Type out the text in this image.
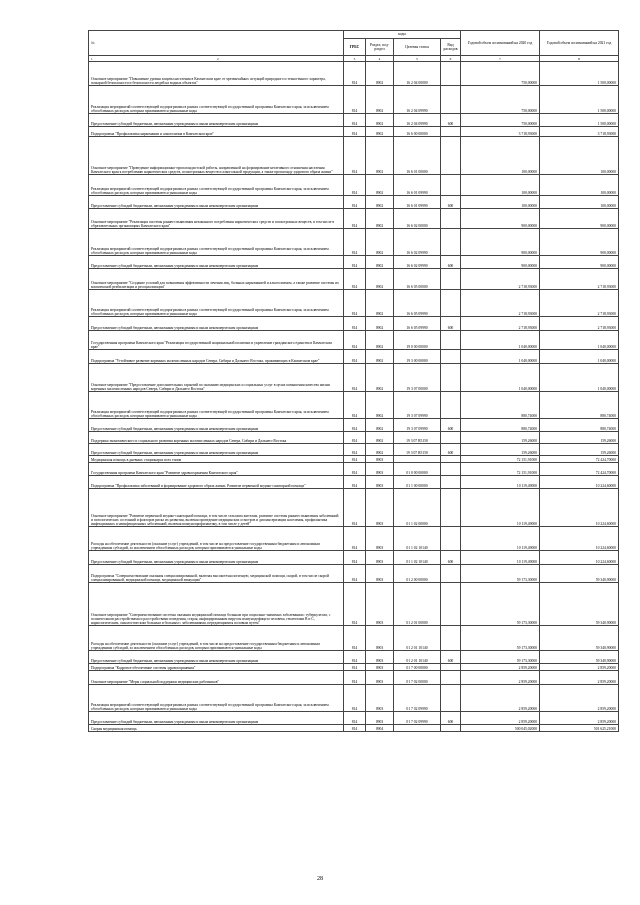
№	коды				Годовой объем ассигнований на 2020 год	Годовой объем ассигнований на 2021 год
	ГРБС	Раздел, под-раздел	Целевая статья	Вид расходов		

1 2	3	4	5	6	7	8
Основное мероприятие "Повышение уровня защиты населения в Камчатском крае от чрезвычайных ситуаций природного и техногенного характера, пожарной безопасности и безопасности людей на водных объектах"	814	0902	16 2 04 00000		750,00000	1 500,00000
Реализация мероприятий соответствующей подпрограммы в рамках соответствующей государственной программы Камчатского края, за исключением обособленных расходов, которым присваиваются уникальные коды	814	0902	16 2 04 09990		750,00000	1 500,00000
Предоставление субсидий бюджетным, автономным учреждениям и иным некоммерческим организациям	814	0902	16 2 04 09990	600	750,00000	1 500,00000
Подпрограмма "Профилактика наркомании и алкоголизма в Камчатском крае"	814	0902	16 6 00 00000		3 718,93000	3 718,93000
Основное мероприятие "Проведение информационно-пропагандистской работы, направленной на формирование негативного отношения населения Камчатского края к потреблению наркотических средств, психотропных веществ и алкогольной продукции, а также пропаганду здорового образа жизни"	814	0902	16 6 01 00000		100,00000	100,00000
Реализация мероприятий соответствующей подпрограммы в рамках соответствующей государственной программы Камчатского края, за исключением обособленных расходов, которым присваиваются уникальные коды	814	0902	16 6 01 09990		100,00000	100,00000
Предоставление субсидий бюджетным, автономным учреждениям и иным некоммерческим организациям	814	0902	16 6 01 09990	600	100,00000	100,00000
Основное мероприятие "Реализация системы раннего выявления незаконного потребления наркотических средств и психотропных веществ, в том числе в образовательных организациях Камчатского края"	814	0902	16 6 02 00000		900,00000	900,00000
Реализация мероприятий соответствующей подпрограммы в рамках соответствующей государственной программы Камчатского края, за исключением обособленных расходов, которым присваиваются уникальные коды	814	0902	16 6 02 09990		900,00000	900,00000
Предоставление субсидий бюджетным, автономным учреждениям и иным некоммерческим организациям	814	0902	16 6 02 09990	600	900,00000	900,00000
Основное мероприятие "Создание условий для повышения эффективности лечения лиц, больных наркоманией и алкоголизмом, а также развитие системы их комплексной реабилитации и ресоциализации"	814	0902	16 6 05 00000		2 718,93000	2 718,93000
Реализация мероприятий соответствующей подпрограммы в рамках соответствующей государственной программы Камчатского края, за исключением обособленных расходов, которым присваиваются уникальные коды	814	0902	16 6 05 09990		2 718,93000	2 718,93000
Предоставление субсидий бюджетным, автономным учреждениям и иным некоммерческим организациям	814	0902	16 6 05 09990	600	2 718,93000	2 718,93000
Государственная программа Камчатского края "Реализация государственной национальной политики и укрепление гражданского единства в Камчатском крае"	814	0902	19 0 00 00000		1 040,00000	1 040,00000
Подпрограмма "Устойчивое развитие коренных малочисленных народов Севера, Сибири и Дальнего Востока, проживающих в Камчатском крае"	814	0902	19 3 00 00000		1 040,00000	1 040,00000
Основное мероприятие "Предоставление дополнительных гарантий по оказанию медицинских и социальных услуг в целях повышения качества жизни коренных малочисленных народов Севера, Сибири и Дальнего Востока"	814	0902	19 3 07 00000		1 040,00000	1 040,00000
Реализация мероприятий соответствующей подпрограммы в рамках соответствующей государственной программы Камчатского края, за исключением обособленных расходов, которым присваиваются уникальные коды	814	0902	19 3 07 09990		880,74000	880,74000
Предоставление субсидий бюджетным, автономным учреждениям и иным некоммерческим организациям	814	0902	19 3 07 09990	600	880,74000	880,74000
Поддержка экономического и социального развития коренных малочисленных народов Севера, Сибири и Дальнего Востока	814	0902	19 3 07 R5150		159,26000	159,26000
Предоставление субсидий бюджетным, автономным учреждениям и иным некоммерческим организациям	814	0902	19 3 07 R5150	600	159,26000	159,26000
Медицинская помощь в дневных стационарах всех типов	814	0903			72 151,91000	72 424,70000
Государственная программа Камчатского края "Развитие здравоохранения Камчатского края"	814	0903	01 0 00 00000		72 151,91000	72 424,70000
Подпрограмма "Профилактика заболеваний и формирование здорового образа жизни. Развитие первичной медико-санитарной помощи"	814	0903	01 1 00 00000		10 119,49000	10 224,60000
Основное мероприятие "Развитие первичной медико-санитарной помощи, в том числе сельским жителям, развитие системы раннего выявления заболеваний и патологических состояний и факторов риска их развития, включая проведение медицинских осмотров и диспансеризации населения, профилактика инфекционных и неинфекционных заболеваний, включая иммунопрофилактику, в том числе у детей"	814	0903	01 1 02 00000		10 119,49000	10 224,60000
Расходы на обеспечение деятельности (оказание услуг) учреждений, в том числе на предоставление государственным бюджетным и автономным учреждениям субсидий, за исключением обособленных расходов, которым присваиваются уникальные коды	814	0903	01 1 02 10140		10 119,49000	10 224,60000
Предоставление субсидий бюджетным, автономным учреждениям и иным некоммерческим организациям	814	0903	01 1 02 10140	600	10 119,49000	10 224,60000
Подпрограмма "Совершенствование оказания специализированной, включая высокотехнологичную, медицинской помощи, скорой, в том числе скорой специализированной, медицинской помощи, медицинской эвакуации"	814	0903	01 2 00 00000		59 173,30000	59 340,90000
Основное мероприятие "Совершенствование системы оказания медицинской помощи больным при социально-значимых заболеваниях: туберкулезом, с психическими расстройствами и расстройствами поведения, старая, инфицированным вирусом иммунодефицита человека, гепатитами В и С, наркологическим, онкологическим больным и больным с заболеваниями, передающимися половым путем"	814	0903	01 2 01 00000		59 173,30000	59 340,90000
Расходы на обеспечение деятельности (оказание услуг) учреждений, в том числе на предоставление государственным бюджетным и автономным учреждениям субсидий, за исключением обособленных расходов, которым присваиваются уникальные коды	814	0903	01 2 01 10140		59 173,30000	59 340,90000
Предоставление субсидий бюджетным, автономным учреждениям и иным некоммерческим организациям	814	0903	01 2 01 10140	600	59 173,30000	59 340,90000
Подпрограмма "Кадровое обеспечение системы здравоохранения"	814	0903	01 7 00 00000		2 859,20000	2 859,20000
Основное мероприятие "Меры социальной поддержки медицинских работников"	814	0903	01 7 02 00000		2 859,20000	2 859,20000
Реализация мероприятий соответствующей подпрограммы в рамках соответствующей государственной программы Камчатского края, за исключением обособленных расходов, которым присваиваются уникальные коды	814	0903	01 7 02 09990		2 859,20000	2 859,20000
Предоставление субсидий бюджетным, автономным учреждениям и иным некоммерческим организациям	814	0903	01 7 02 09990	600	2 859,20000	2 859,20000
Скорая медицинская помощь	814	0904			500 045,02000	501 625,21000
28
